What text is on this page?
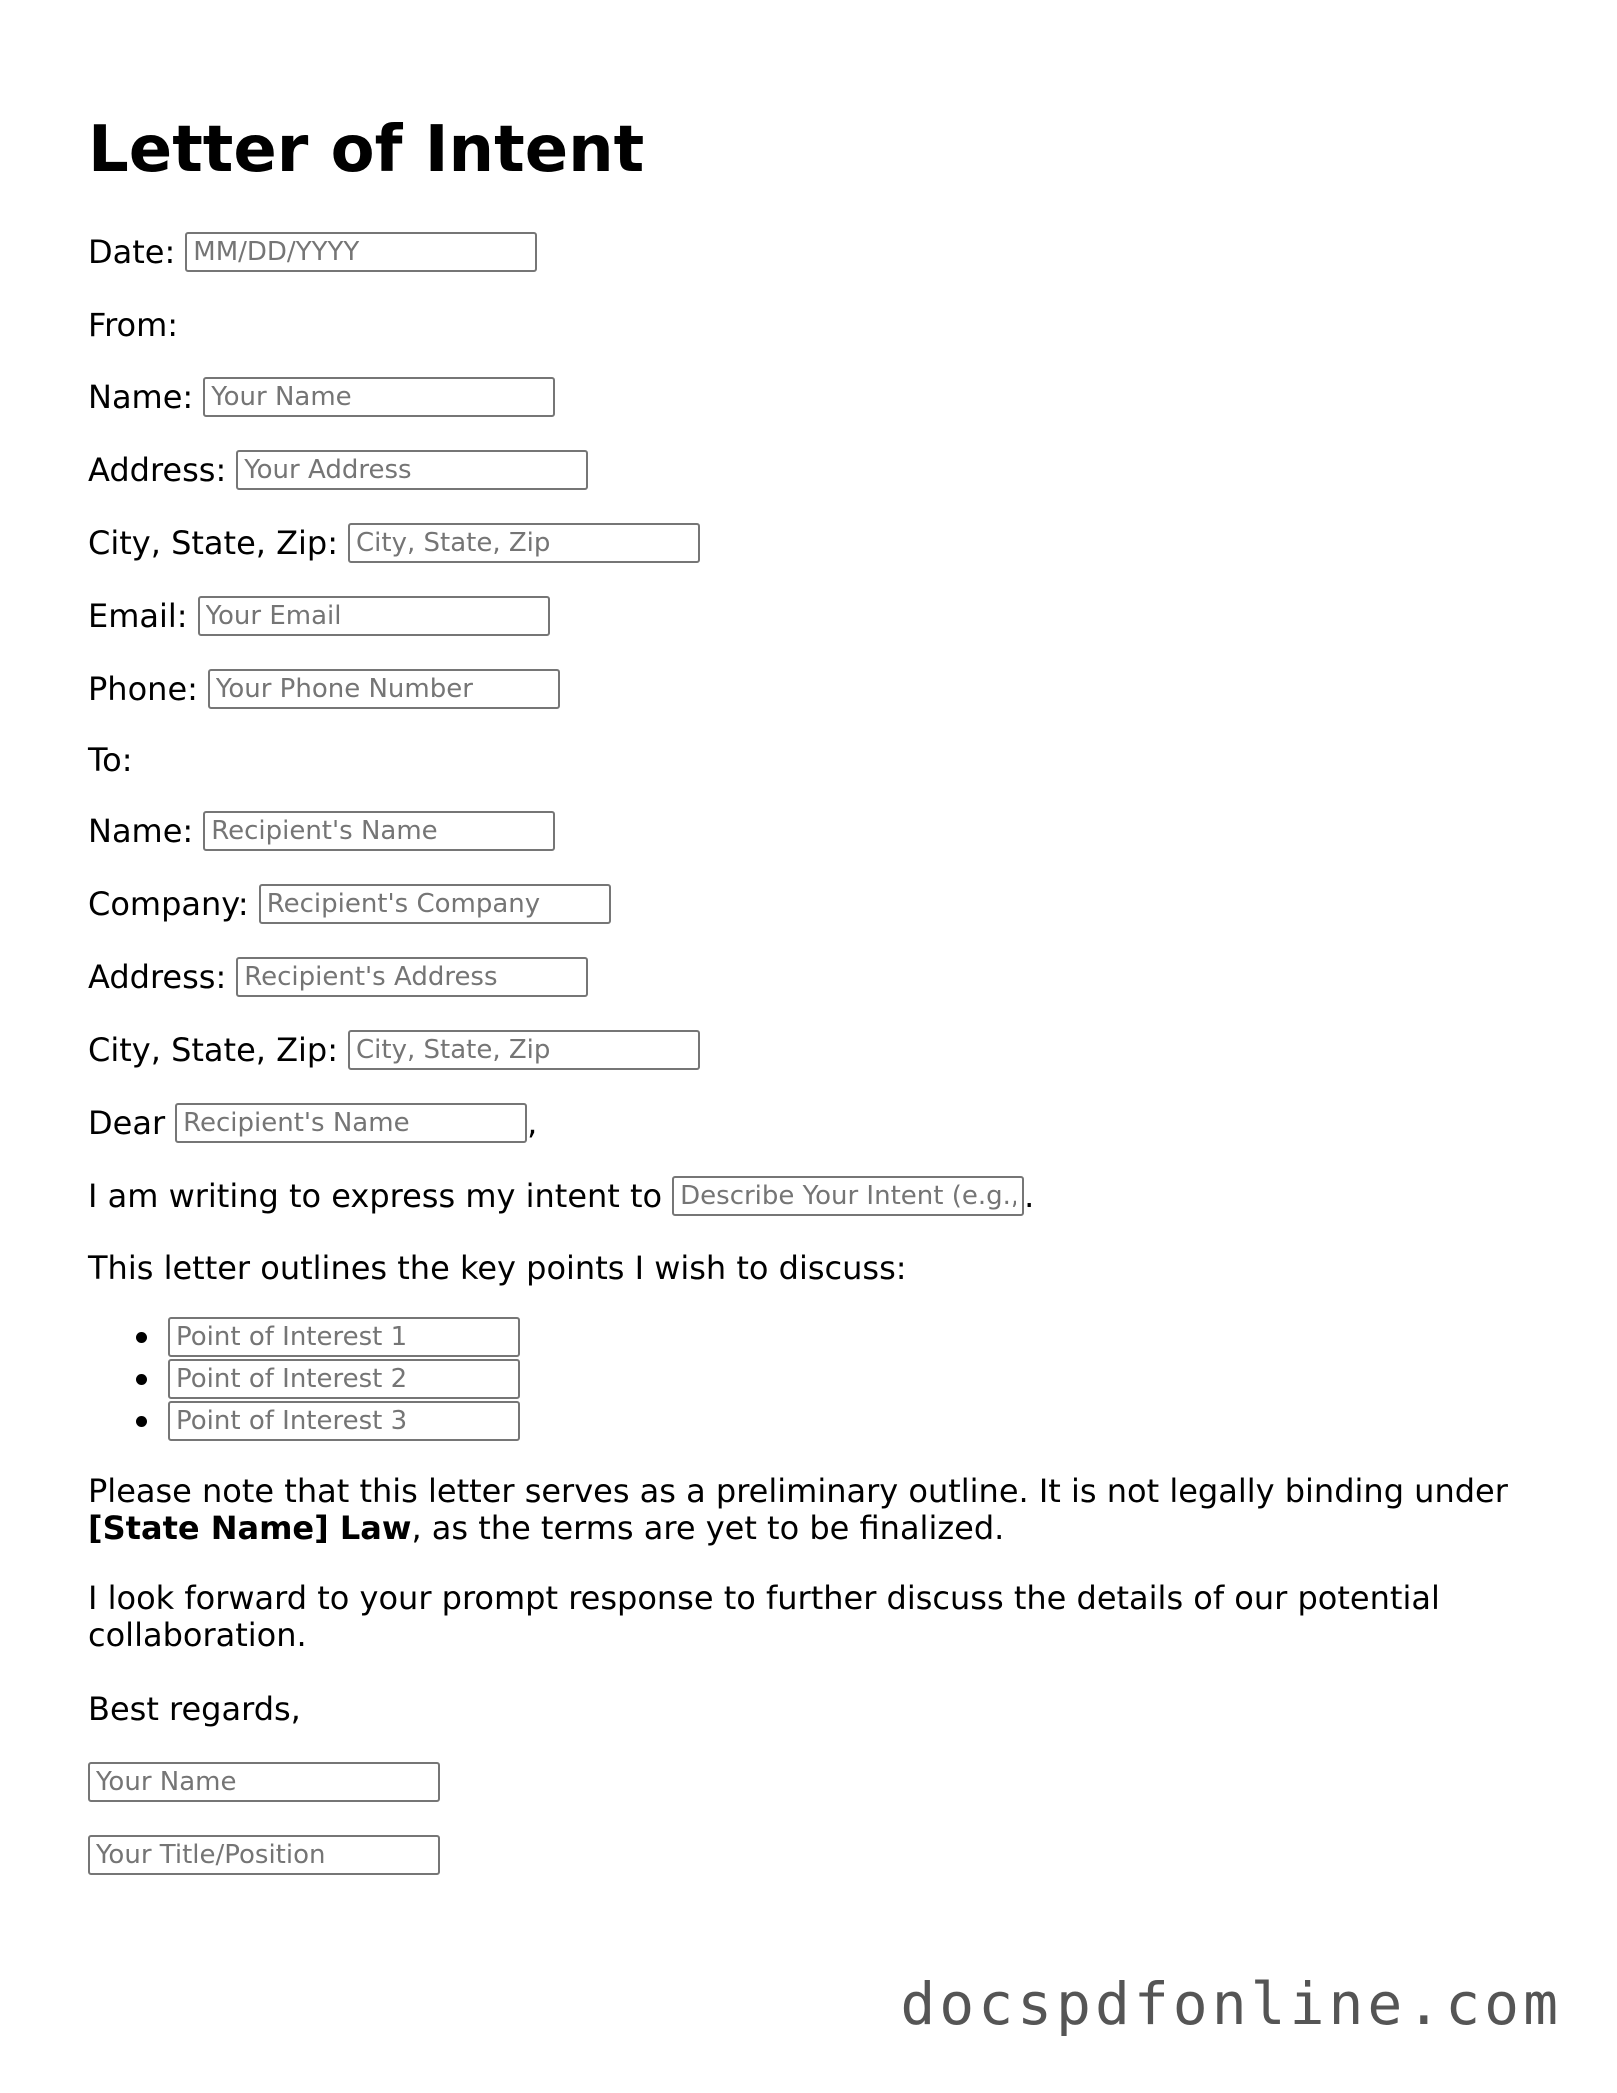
Letter of Intent
Date:
MM/DD/YYYY
From:
Name:
Your Name
Address:
Your Address
City, State, Zip:
City, State, Zip
Email:
Your Email
Phone:
Your Phone Number
To:
Name:
Recipient's Name
Company:
Recipient's Company
Address:
Recipient's Address
City, State, Zip:
City, State, Zip
Dear
Recipient's Name	,
I am writing to express my intent to
Describe Your Intent (e.g.,	.
This letter outlines the key points I wish to discuss:
Point of Interest 1
Point of Interest 2
Point of Interest 3

Please note that this letter serves as a preliminary outline. It is not legally binding under [State Name] Law, as the terms are yet to be finalized.

I look forward to your prompt response to further discuss the details of our potential collaboration.

Best regards,
Your Name
Your Title/Position
docspdfonline.com
